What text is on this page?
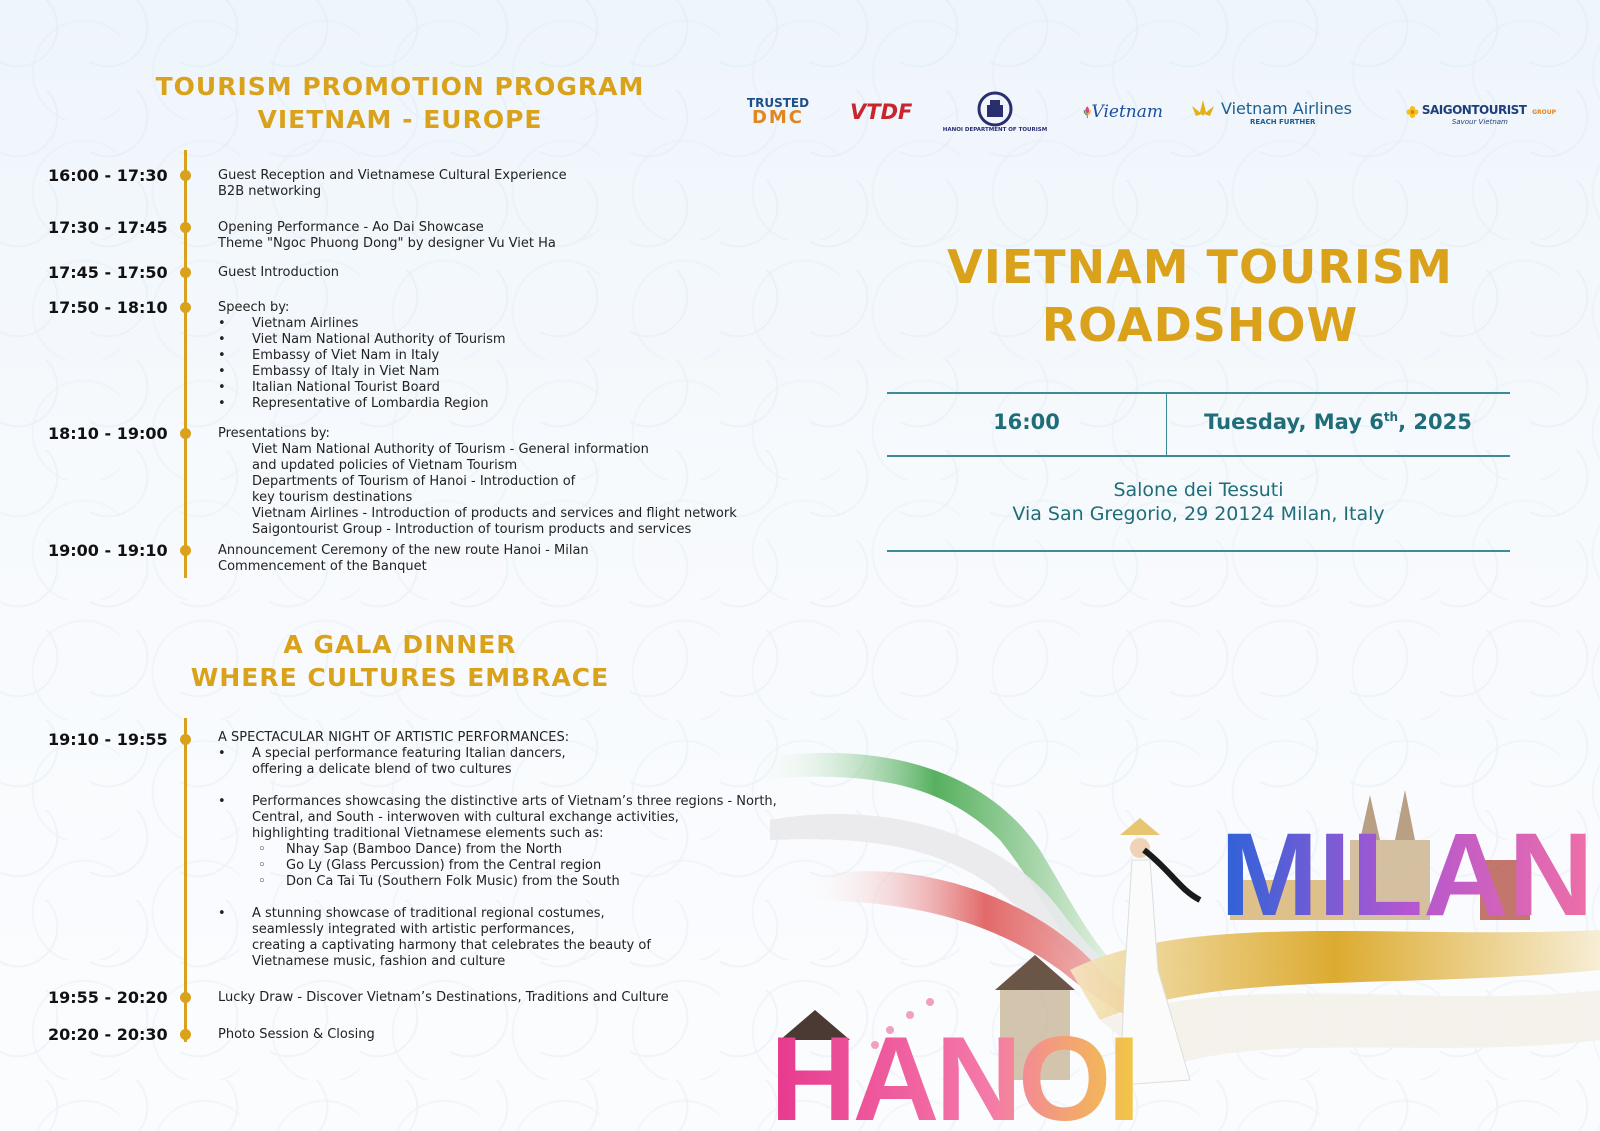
TOURISM PROMOTION PROGRAM
VIETNAM - EUROPE
16:00 - 17:30	Guest Reception and Vietnamese Cultural Experience
B2B networking
17:30 - 17:45	Opening Performance - Ao Dai Showcase
Theme "Ngoc Phuong Dong" by designer Vu Viet Ha
17:45 - 17:50	Guest Introduction
17:50 - 18:10	Speech by:
• Vietnam Airlines
• Viet Nam National Authority of Tourism
• Embassy of Viet Nam in Italy
• Embassy of Italy in Viet Nam
• Italian National Tourist Board
• Representative of Lombardia Region
18:10 - 19:00	Presentations by:
Viet Nam National Authority of Tourism - General information
and updated policies of Vietnam Tourism
Departments of Tourism of Hanoi - Introduction of
key tourism destinations
Vietnam Airlines - Introduction of products and services and flight network
Saigontourist Group - Introduction of tourism products and services
19:00 - 19:10	Announcement Ceremony of the new route Hanoi - Milan
Commencement of the Banquet
A GALA DINNER
WHERE CULTURES EMBRACE
19:10 - 19:55	A SPECTACULAR NIGHT OF ARTISTIC PERFORMANCES:
• A special performance featuring Italian dancers,
offering a delicate blend of two cultures
• Performances showcasing the distinctive arts of Vietnam’s three regions - North,
Central, and South - interwoven with cultural exchange activities,
highlighting traditional Vietnamese elements such as:
◦ Nhay Sap (Bamboo Dance) from the North
◦ Go Ly (Glass Percussion) from the Central region
◦ Don Ca Tai Tu (Southern Folk Music) from the South
• A stunning showcase of traditional regional costumes,
seamlessly integrated with artistic performances,
creating a captivating harmony that celebrates the beauty of
Vietnamese music, fashion and culture
19:55 - 20:20	Lucky Draw - Discover Vietnam’s Destinations, Traditions and Culture
20:20 - 20:30	Photo Session & Closing
TRUSTED
DMC VTDF
HANOI DEPARTMENT OF TOURISM
Vietnam	Vietnam Airlines
REACH FURTHER
SAIGONTOURIST GROUP
Savour Vietnam
VIETNAM TOURISM
ROADSHOW
16:00	Tuesday, May 6th, 2025
Salone dei Tessuti
Via San Gregorio, 29 20124 Milan, Italy
MILAN
HANOI
